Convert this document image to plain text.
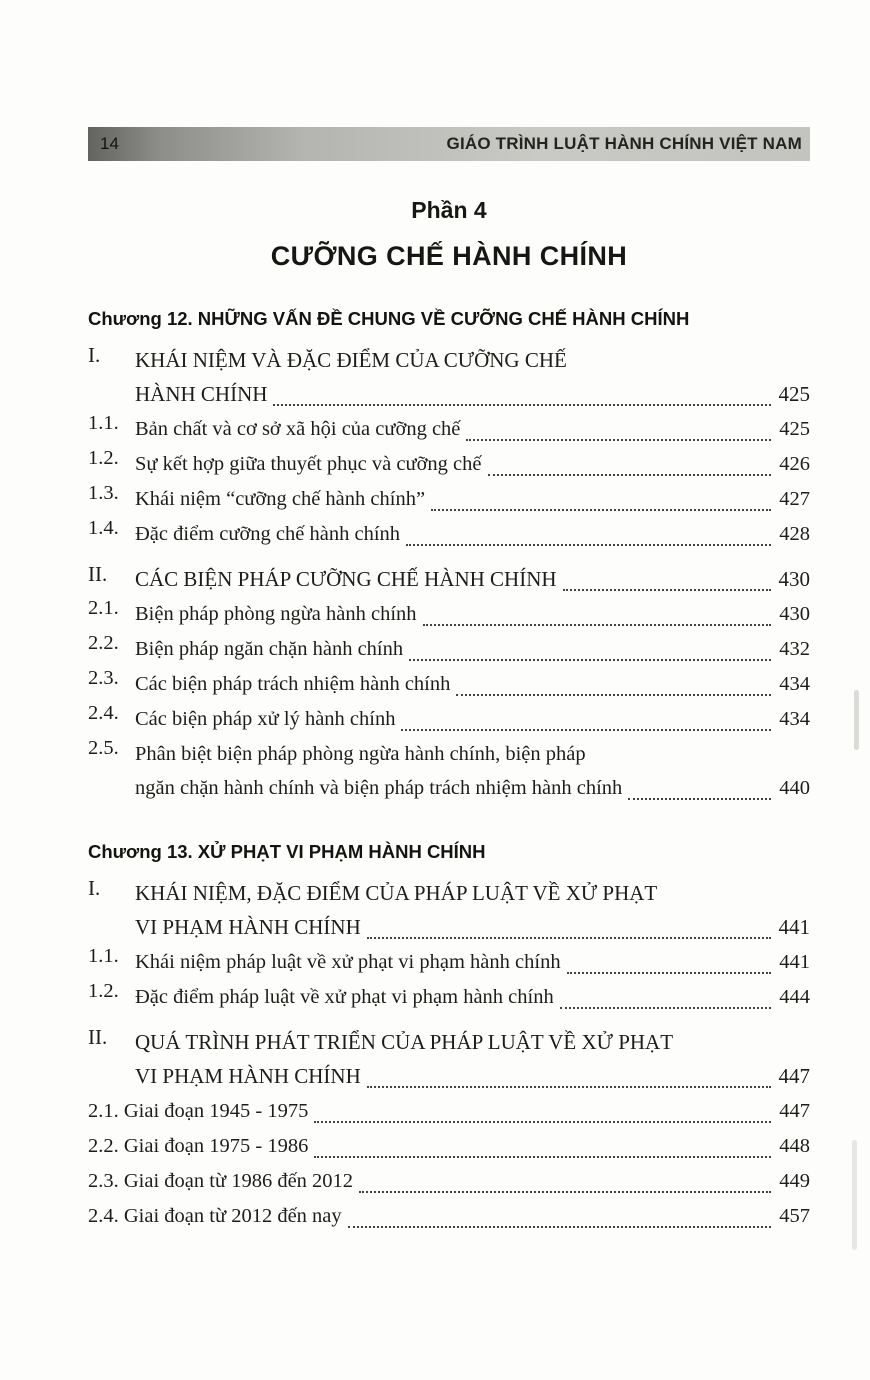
14	GIÁO TRÌNH LUẬT HÀNH CHÍNH VIỆT NAM
Phần 4
CƯỠNG CHẾ HÀNH CHÍNH
Chương 12. NHỮNG VẤN ĐỀ CHUNG VỀ CƯỠNG CHẾ HÀNH CHÍNH
I.	KHÁI NIỆM VÀ ĐẶC ĐIỂM CỦA CƯỠNG CHẾ
HÀNH CHÍNH	425
1.1. Bản chất và cơ sở xã hội của cưỡng chế	425
1.2. Sự kết hợp giữa thuyết phục và cưỡng chế	426
1.3. Khái niệm “cưỡng chế hành chính”	427
1.4. Đặc điểm cưỡng chế hành chính	428
II.	CÁC BIỆN PHÁP CƯỠNG CHẾ HÀNH CHÍNH	430
2.1. Biện pháp phòng ngừa hành chính	430
2.2. Biện pháp ngăn chặn hành chính	432
2.3. Các biện pháp trách nhiệm hành chính	434
2.4. Các biện pháp xử lý hành chính	434
2.5. Phân biệt biện pháp phòng ngừa hành chính, biện pháp
ngăn chặn hành chính và biện pháp trách nhiệm hành chính	440
Chương 13. XỬ PHẠT VI PHẠM HÀNH CHÍNH
I.	KHÁI NIỆM, ĐẶC ĐIỂM CỦA PHÁP LUẬT VỀ XỬ PHẠT
VI PHẠM HÀNH CHÍNH	441
1.1. Khái niệm pháp luật về xử phạt vi phạm hành chính	441
1.2. Đặc điểm pháp luật về xử phạt vi phạm hành chính	444
II.	QUÁ TRÌNH PHÁT TRIỂN CỦA PHÁP LUẬT VỀ XỬ PHẠT
VI PHẠM HÀNH CHÍNH	447
2.1. Giai đoạn 1945 - 1975	447
2.2. Giai đoạn 1975 - 1986	448
2.3. Giai đoạn từ 1986 đến 2012	449
2.4. Giai đoạn từ 2012 đến nay	457
